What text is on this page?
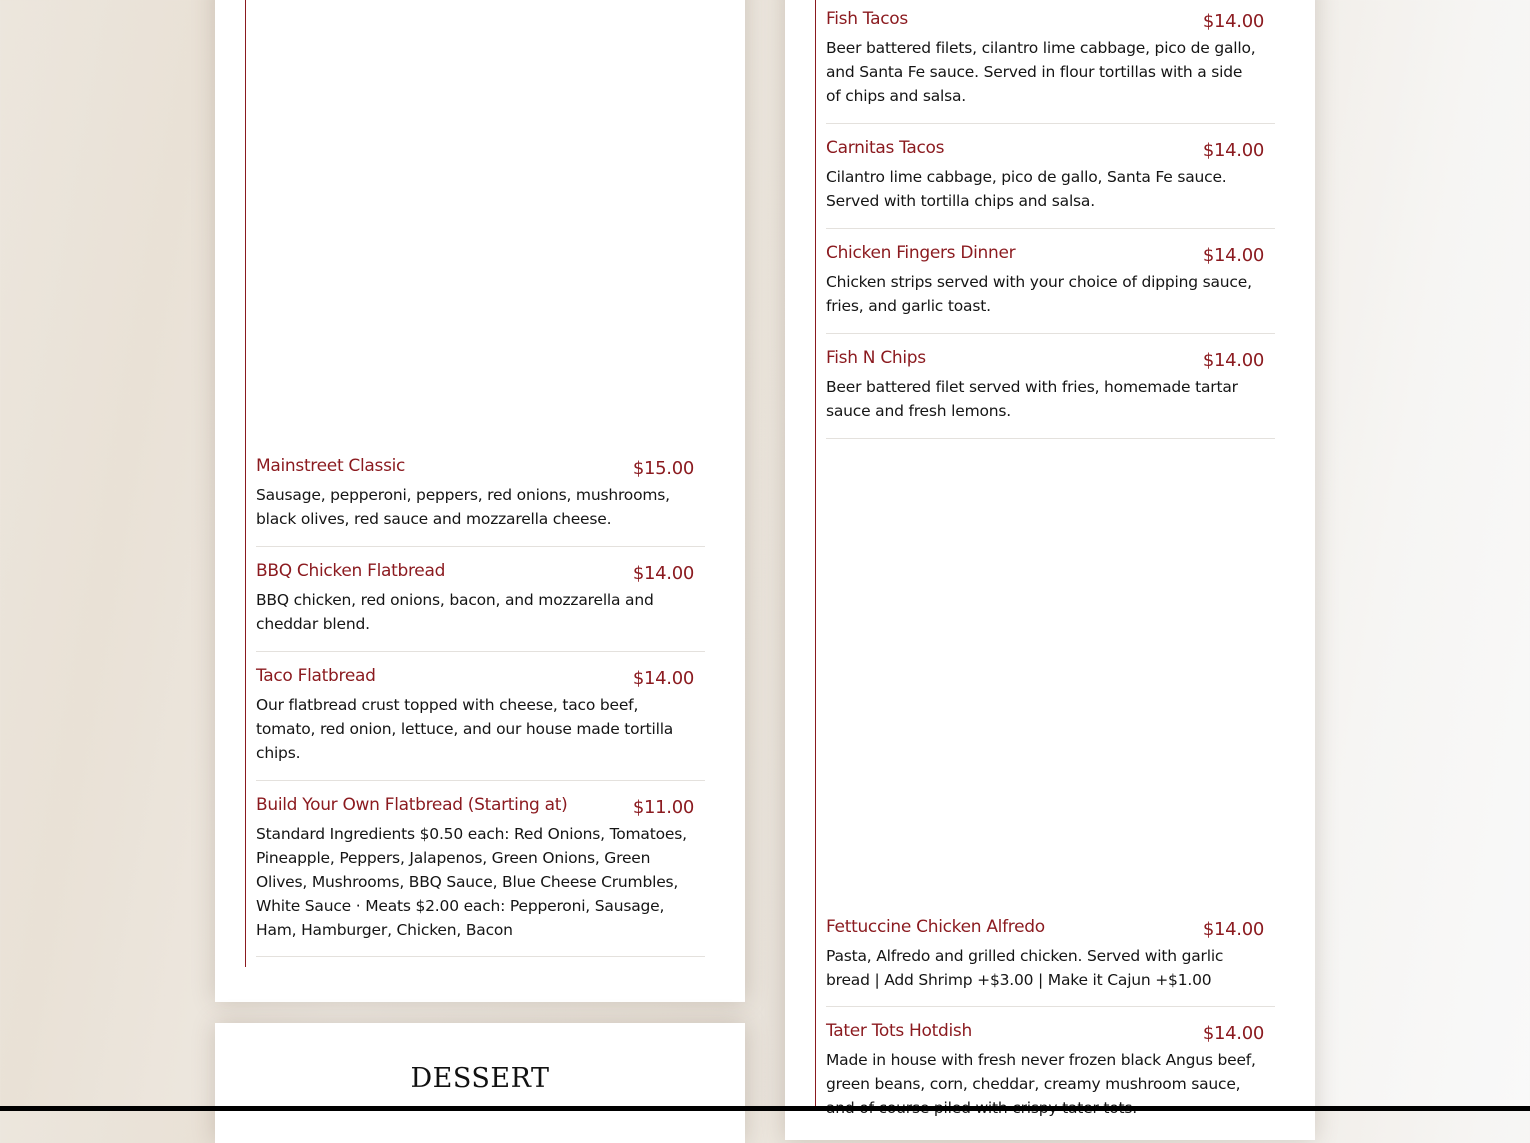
DESSERT
Mainstreet Classic	$15.00
Sausage, pepperoni, peppers, red onions, mushrooms, black olives, red sauce and mozzarella cheese.
BBQ Chicken Flatbread	$14.00
BBQ chicken, red onions, bacon, and mozzarella and cheddar blend.
Taco Flatbread	$14.00
Our flatbread crust topped with cheese, taco beef, tomato, red onion, lettuce, and our house made tortilla chips.
Build Your Own Flatbread (Starting at)	$11.00
Standard Ingredients $0.50 each: Red Onions, Tomatoes, Pineapple, Peppers, Jalapenos, Green Onions, Green Olives, Mushrooms, BBQ Sauce, Blue Cheese Crumbles, White Sauce · Meats $2.00 each: Pepperoni, Sausage, Ham, Hamburger, Chicken, Bacon
Fish Tacos	$14.00
Beer battered filets, cilantro lime cabbage, pico de gallo, and Santa Fe sauce. Served in flour tortillas with a side of chips and salsa.
Carnitas Tacos	$14.00
Cilantro lime cabbage, pico de gallo, Santa Fe sauce. Served with tortilla chips and salsa.
Chicken Fingers Dinner	$14.00
Chicken strips served with your choice of dipping sauce, fries, and garlic toast.
Fish N Chips	$14.00
Beer battered filet served with fries, homemade tartar sauce and fresh lemons.
Fettuccine Chicken Alfredo	$14.00
Pasta, Alfredo and grilled chicken. Served with garlic bread | Add Shrimp +$3.00 | Make it Cajun +$1.00
Tater Tots Hotdish	$14.00
Made in house with fresh never frozen black Angus beef, green beans, corn, cheddar, creamy mushroom sauce,
